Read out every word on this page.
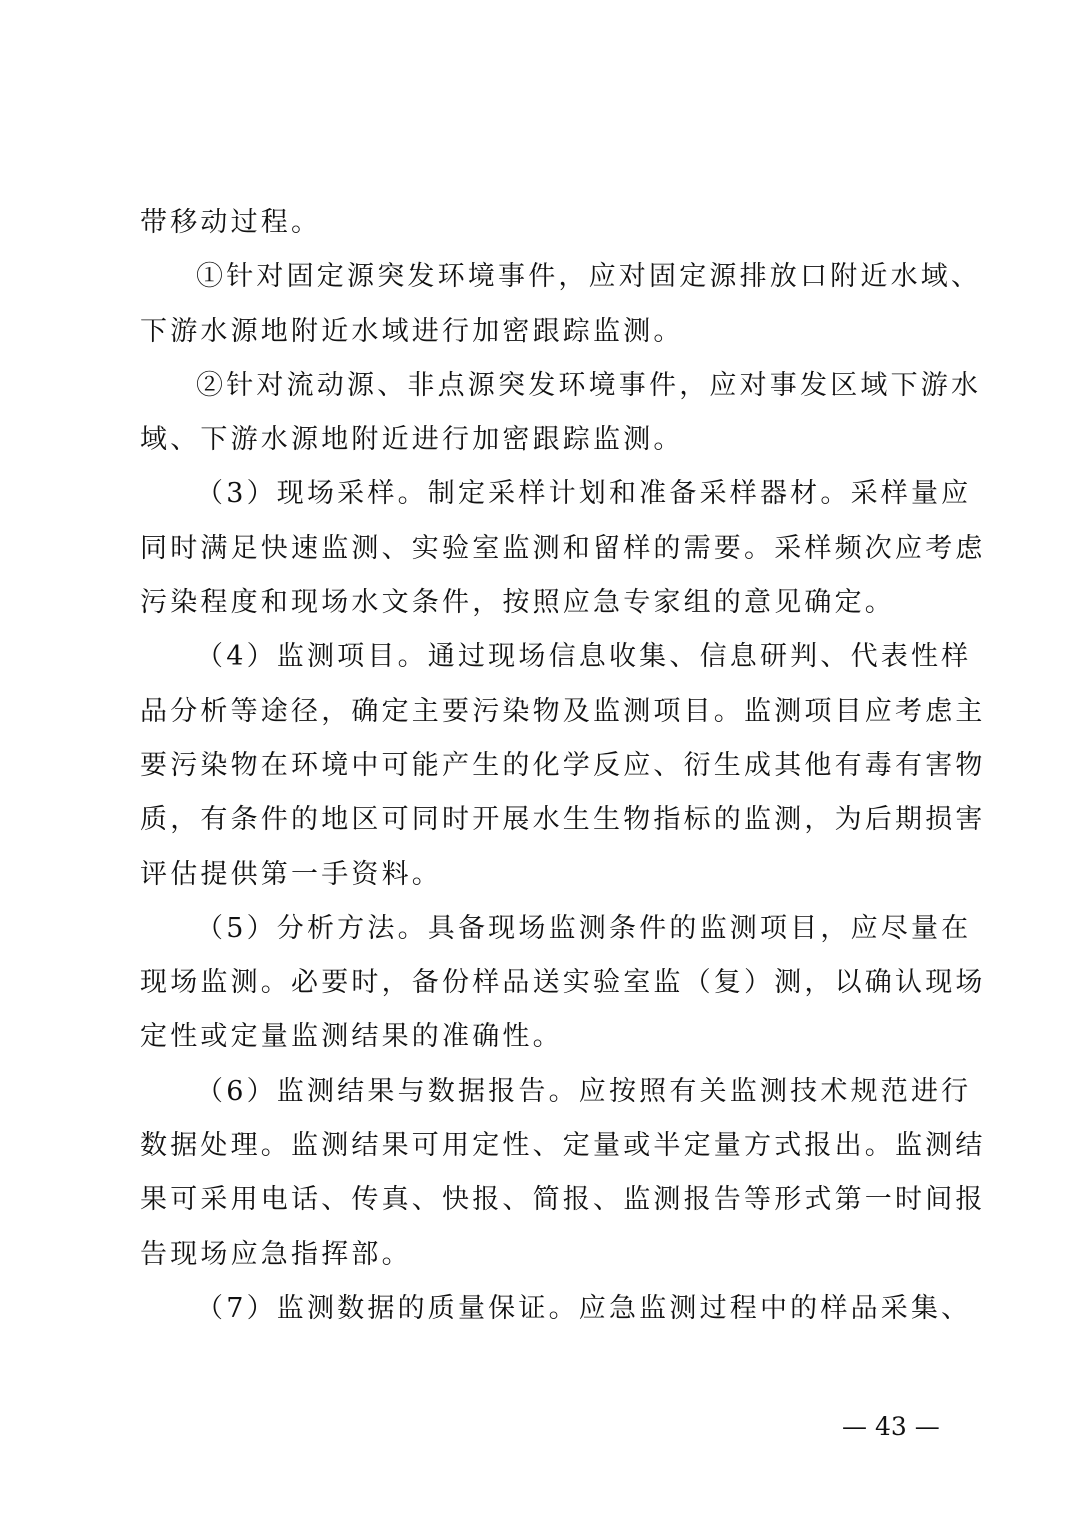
带移动过程。
①针对固定源突发环境事件，应对固定源排放口附近水域、
下游水源地附近水域进行加密跟踪监测。
②针对流动源、非点源突发环境事件，应对事发区域下游水
域、下游水源地附近进行加密跟踪监测。
（3）现场采样。制定采样计划和准备采样器材。采样量应
同时满足快速监测、实验室监测和留样的需要。采样频次应考虑
污染程度和现场水文条件，按照应急专家组的意见确定。
（4）监测项目。通过现场信息收集、信息研判、代表性样
品分析等途径，确定主要污染物及监测项目。监测项目应考虑主
要污染物在环境中可能产生的化学反应、衍生成其他有毒有害物
质，有条件的地区可同时开展水生生物指标的监测，为后期损害
评估提供第一手资料。
（5）分析方法。具备现场监测条件的监测项目，应尽量在
现场监测。必要时，备份样品送实验室监（复）测，以确认现场
定性或定量监测结果的准确性。
（6）监测结果与数据报告。应按照有关监测技术规范进行
数据处理。监测结果可用定性、定量或半定量方式报出。监测结
果可采用电话、传真、快报、简报、监测报告等形式第一时间报
告现场应急指挥部。
（7）监测数据的质量保证。应急监测过程中的样品采集、
— 43 —
